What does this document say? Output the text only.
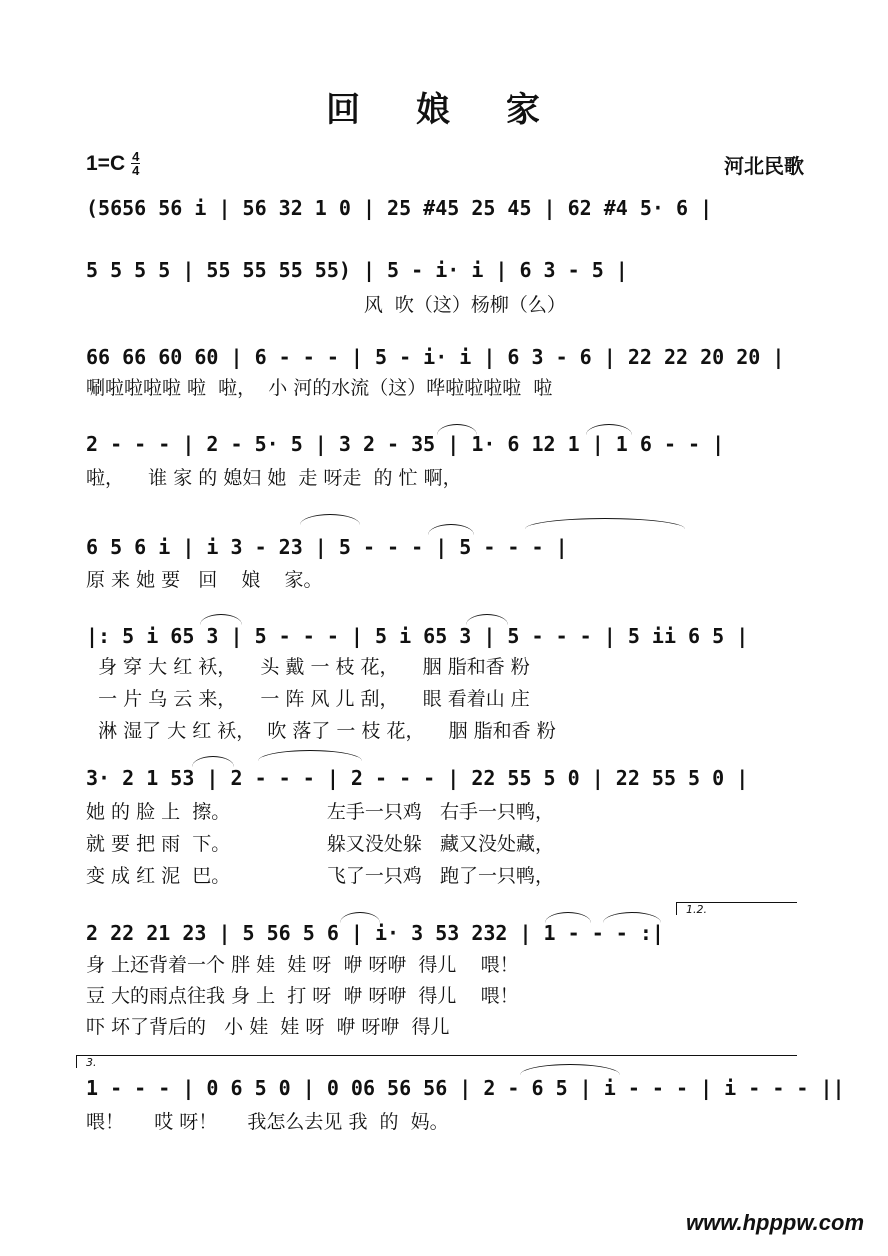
回 娘 家
$1=C \frac{4}{4}$	河北民歌
(5656 56 i | 56 32 1 0 | 25 #45 25 45 | 62 #4 5· 6 |
5 5 5 5 | 55 55 55 55) | 5 - i· i | 6 3 - 5 |
风  吹（这）杨柳（么）
66 66 60 60 | 6 - - - | 5 - i· i | 6 3 - 6 | 22 22 20 20 |
唰啦啦啦啦 啦  啦，  小 河的水流（这）哗啦啦啦啦  啦
2 - - - | 2 - 5· 5 | 3 2 - 35 | 1· 6 12 1 | 1 6 - - |
啦，    谁 家 的 媳妇 她  走 呀走  的 忙 啊，
6 5 6 i | i 3 - 23 | 5 - - - | 5 - - - |
原 来 她 要   回    娘    家。
|: 5 i 65 3 | 5 - - - | 5 i 65 3 | 5 - - - | 5 ii 6 5 |
身 穿 大 红 袄，    头 戴 一 枝 花，    胭 脂和香 粉
一 片 乌 云 来，    一 阵 风 儿 刮，    眼 看着山 庄
淋 湿了 大 红 袄，  吹 落了 一 枝 花，    胭 脂和香 粉
3· 2 1 53 | 2 - - - | 2 - - - | 22 55 5 0 | 22 55 5 0 |
她 的 脸 上  擦。                左手一只鸡   右手一只鸭，
就 要 把 雨  下。                躲又没处躲   藏又没处藏，
变 成 红 泥  巴。                飞了一只鸡   跑了一只鸭，
1.2.
2 22 21 23 | 5 56 5 6 | i· 3 53 232 | 1 - - - :|
身 上还背着一个 胖 娃  娃 呀  咿 呀咿  得儿    喂！
豆 大的雨点往我 身 上  打 呀  咿 呀咿  得儿    喂！
吓 坏了背后的   小 娃  娃 呀  咿 呀咿  得儿
3.
1 - - - | 0 6 5 0 | 0 06 56 56 | 2 - 6 5 | i - - - | i - - - ||
喂！     哎 呀！     我怎么去见 我  的  妈。
www.hpppw.com
